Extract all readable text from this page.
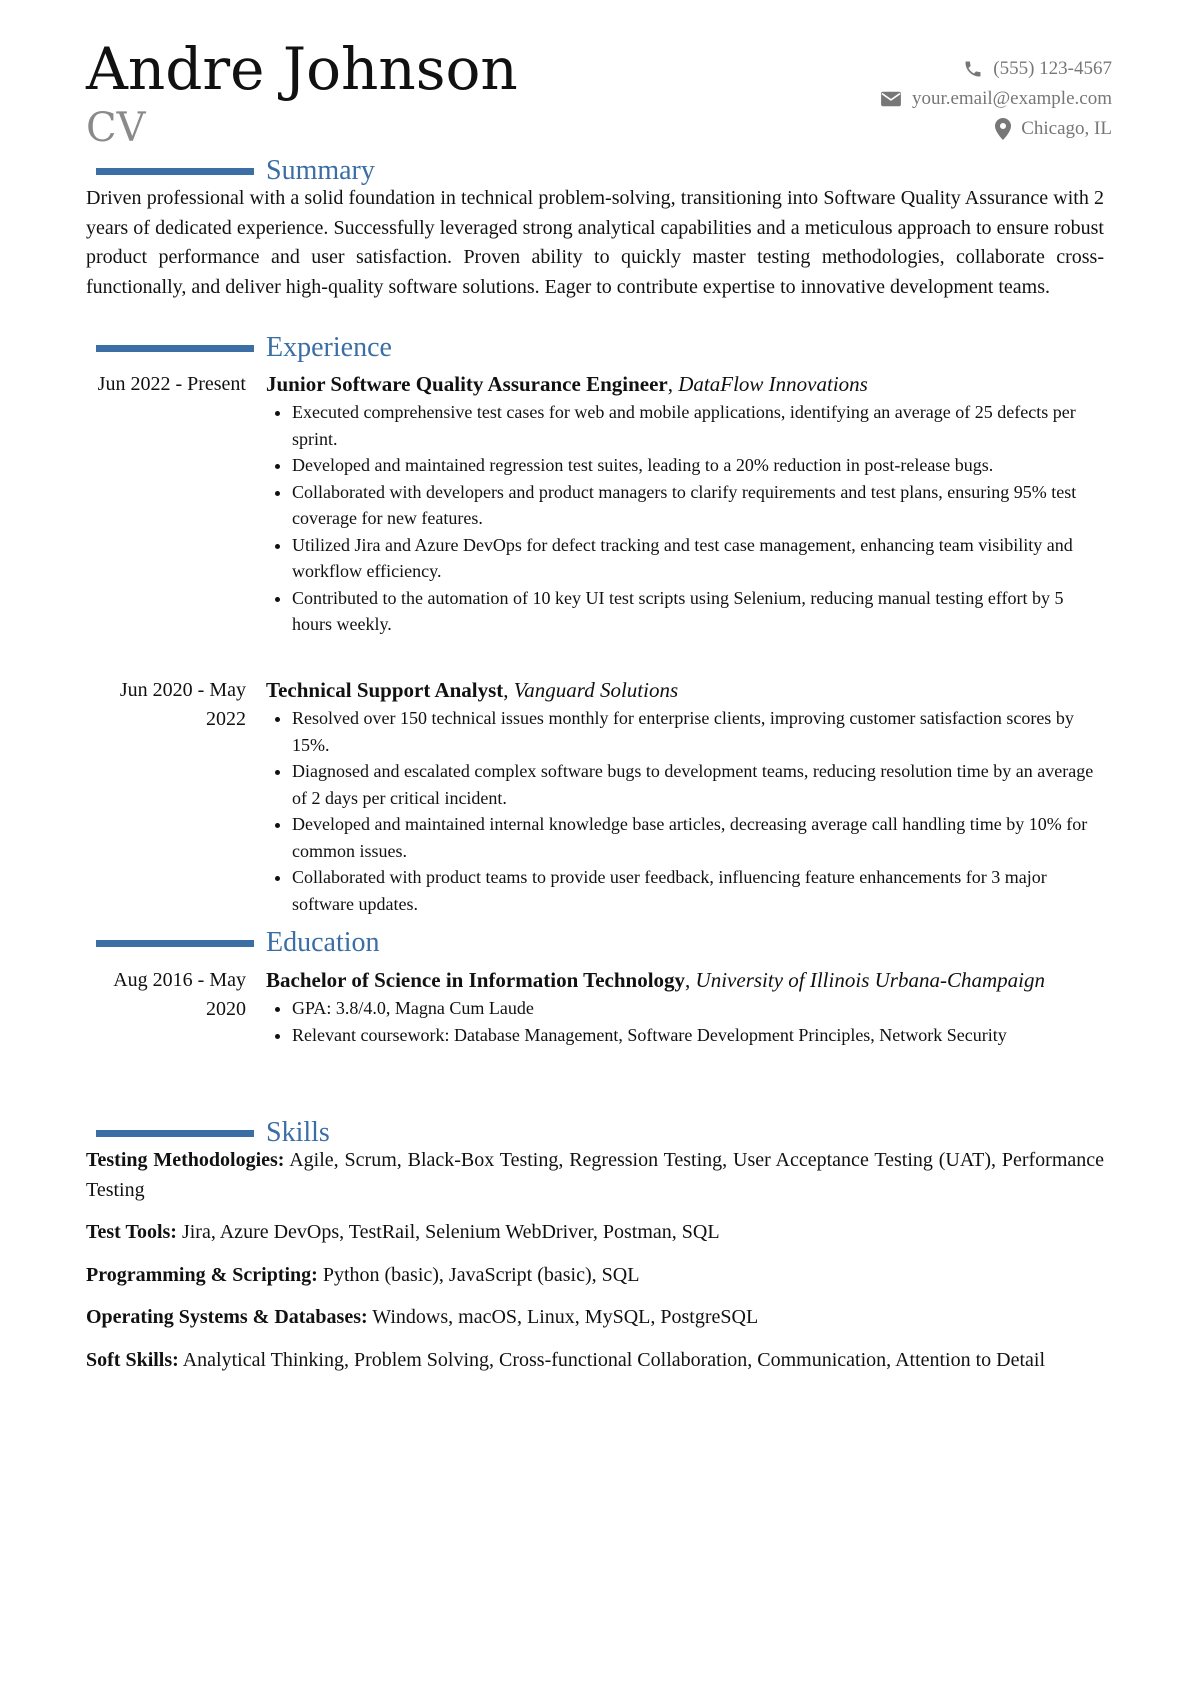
Andre Johnson
CV
(555) 123-4567
your.email@example.com
Chicago, IL
Summary
Driven professional with a solid foundation in technical problem-solving, transitioning into Software Quality Assurance with 2 years of dedicated experience. Successfully leveraged strong analytical capabilities and a meticulous approach to ensure robust product performance and user satisfaction. Proven ability to quickly master testing methodologies, collaborate cross-functionally, and deliver high-quality software solutions. Eager to contribute expertise to innovative development teams.
Experience
Jun 2022 - Present Junior Software Quality Assurance Engineer, DataFlow Innovations
• Executed comprehensive test cases for web and mobile applications, identifying an average of 25 defects per sprint.
• Developed and maintained regression test suites, leading to a 20% reduction in post-release bugs.
• Collaborated with developers and product managers to clarify requirements and test plans, ensuring 95% test coverage for new features.
• Utilized Jira and Azure DevOps for defect tracking and test case management, enhancing team visibility and workflow efficiency.
• Contributed to the automation of 10 key UI test scripts using Selenium, reducing manual testing effort by 5 hours weekly.
Jun 2020 - May 2022
Technical Support Analyst, Vanguard Solutions
• Resolved over 150 technical issues monthly for enterprise clients, improving customer satisfaction scores by 15%.
• Diagnosed and escalated complex software bugs to development teams, reducing resolution time by an average of 2 days per critical incident.
• Developed and maintained internal knowledge base articles, decreasing average call handling time by 10% for common issues.
• Collaborated with product teams to provide user feedback, influencing feature enhancements for 3 major software updates.
Education
Aug 2016 - May 2020
Bachelor of Science in Information Technology, University of Illinois Urbana-Champaign
• GPA: 3.8/4.0, Magna Cum Laude
• Relevant coursework: Database Management, Software Development Principles, Network Security
Skills
Testing Methodologies: Agile, Scrum, Black-Box Testing, Regression Testing, User Acceptance Testing (UAT), Performance Testing
Test Tools: Jira, Azure DevOps, TestRail, Selenium WebDriver, Postman, SQL
Programming & Scripting: Python (basic), JavaScript (basic), SQL
Operating Systems & Databases: Windows, macOS, Linux, MySQL, PostgreSQL
Soft Skills: Analytical Thinking, Problem Solving, Cross-functional Collaboration, Communication, Attention to Detail
